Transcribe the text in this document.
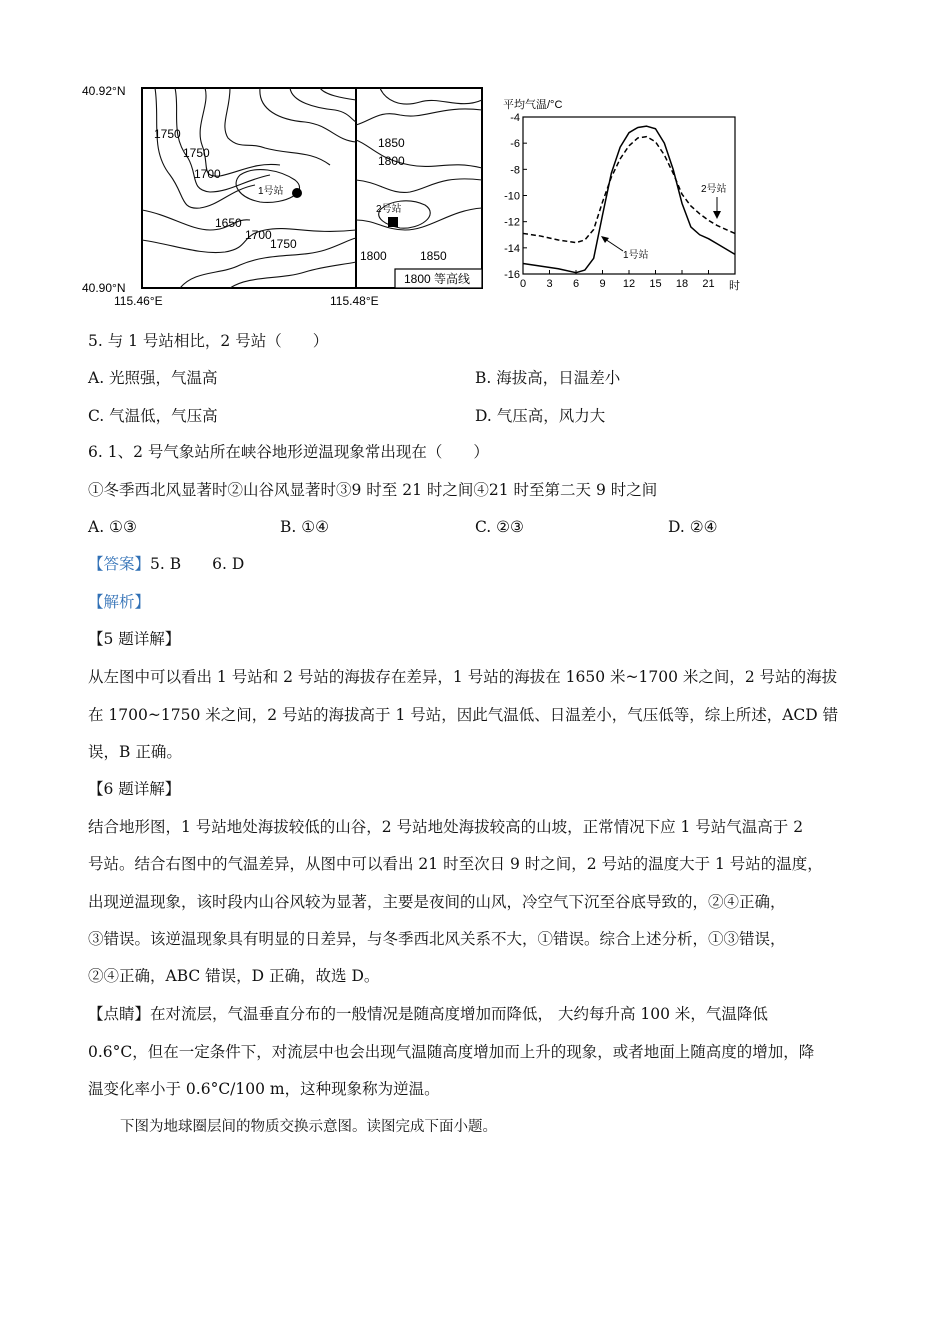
40.92°N
40.90°N
115.46°E	115.48°E
1750
1750
1700
1650
1700
1750
1850
1800
1800	1850
1号站
2号站
1800 等高线
平均气温/°C
时
0 3 6 9 12 15 18 21
-4
-6
-8
-10
-12
-14
-16
1号站
2号站
5. 与 1 号站相比，2 号站（　　）
A. 光照强，气温高	B. 海拔高，日温差小
C. 气温低，气压高	D. 气压高，风力大
6. 1、2 号气象站所在峡谷地形逆温现象常出现在（　　）
①冬季西北风显著时②山谷风显著时③9 时至 21 时之间④21 时至第二天 9 时之间
A. ①③	B. ①④	C. ②③	D. ②④
【答案】5. B　　6. D
【解析】
【5 题详解】
从左图中可以看出 1 号站和 2 号站的海拔存在差异，1 号站的海拔在 1650 米~1700 米之间，2 号站的海拔
在 1700~1750 米之间，2 号站的海拔高于 1 号站，因此气温低、日温差小，气压低等，综上所述，ACD 错
误，B 正确。
【6 题详解】
结合地形图，1 号站地处海拔较低的山谷，2 号站地处海拔较高的山坡，正常情况下应 1 号站气温高于 2
号站。结合右图中的气温差异，从图中可以看出 21 时至次日 9 时之间，2 号站的温度大于 1 号站的温度，
出现逆温现象，该时段内山谷风较为显著，主要是夜间的山风，冷空气下沉至谷底导致的，②④正确，
③错误。该逆温现象具有明显的日差异，与冬季西北风关系不大，①错误。综合上述分析，①③错误，
②④正确，ABC 错误，D 正确，故选 D。
【点睛】在对流层，气温垂直分布的一般情况是随高度增加而降低， 大约每升高 100 米，气温降低
0.6°C，但在一定条件下，对流层中也会出现气温随高度增加而上升的现象，或者地面上随高度的增加，降
温变化率小于 0.6°C/100 m，这种现象称为逆温。
下图为地球圈层间的物质交换示意图。读图完成下面小题。
